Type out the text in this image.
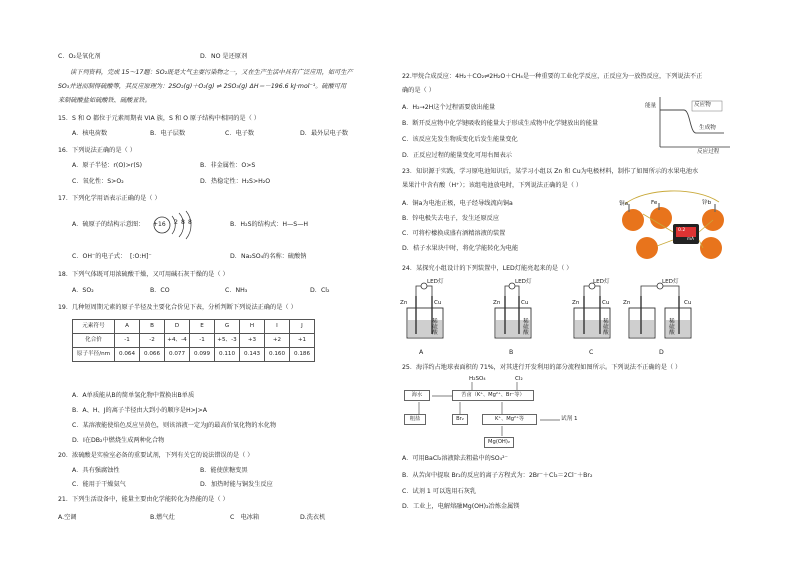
C．O₂是氧化剂	D．NO 是还原剂
读下列资料，完成 15～17题：SO₂既是大气主要污染物之一，又在生产生活中具有广泛应用，如可生产
SO₃并进而制得硫酸等，其反应原理为：2SO₂(g)＋O₂(g) ⇌ 2SO₃(g) ΔH＝－196.6 kJ·mol⁻¹。硫酸可用
来制硫酸盐如硫酸铁、硫酸亚铁。
15．S 和 O 都位于元素周期表 VIA 族，S 和 O 原子结构中相同的是（ ）
A．核电荷数	B．电子层数	C．电子数	D．最外层电子数
16．下列说法正确的是（ ）
A．原子半径：r(O)>r(S)	B．非金属性：O>S
C．氧化性：S>O₂	D．热稳定性：H₂S>H₂O
17．下列化学用语表示正确的是（ ）
A．硫原子的结构示意图： +16 2 8 8	B．H₂S的结构式：H—S—H
C．OH⁻的电子式： [:O:H]⁻	D．Na₂SO₄的名称：硫酸钠
18．下列气体既可用浓硫酸干燥，又可用碱石灰干燥的是（ ）
A．SO₂	B．CO	C．NH₃	D．Cl₂
19．几种短周期元素的原子半径及主要化合价见下表，分析判断下列说法正确的是（ ）
元素符号	A	B	D	E	G	H	I	J
化合价	-1	-2	+4、-4	-1	+5、-3	+3	+2	+1
原子半径/nm	0.064	0.066	0.077	0.099	0.110	0.143	0.160	0.186
A．A单质能从B的简单氢化物中置换出B单质
B．A、H、J的离子半径由大到小的顺序是H>J>A
C．某溶液能使焰色反应呈黄色，则该溶液一定为J的最高价氧化物的水化物
D．I在DB₂中燃烧生成两种化合物
20．浓硫酸是实验室必备的重要试剂，下列有关它的说法错误的是（ ）
A．具有强腐蚀性	B．能使蔗糖变黑
C．能用于干燥氨气	D．加热时能与铜发生反应
21．下列生活设备中，能量主要由化学能转化为热能的是（ ）
A.空调	B.燃气灶	C　电冰箱	D.洗衣机
22.甲烷合成反应：4H₂＋CO₂⇌2H₂O＋CH₄是一种重要的工业化学反应，正反应为一放热反应，下列说法不正
确的是（ ）
A．H₂→2H这个过程需要放出能量
B．断开反应物中化学键吸收的能量大于形成生成物中化学键放出的能量
C．该反应先发生物质变化后发生能量变化
D．正反应过程的能量变化可用右图表示
能量	反应物
生成物
反应过程
23．知识源于实践，学习原电池知识后，某学习小组以 Zn 和 Cu为电极材料，制作了如图所示的水果电池水
果果汁中含有酸（H⁺）；该组电池放电时，下列说法正确的是（ ）
A．铜a为电池正极，电子经导线流向铜a
B．锌电极失去电子，发生还原反应
C．可将柠檬换成盛有酒精溶液的装置
D．桔子水果块中时，将化学能转化为电能
铜a	Fe	锌b
0.2
mA
24．某探究小组设计的下列装置中，LED灯能亮起来的是（ ）
LED灯
Zn	Cu
稀硫酸
A
LED灯
Zn	Cu
稀硫酸
B
LED灯
Zn	Cu
稀硫酸
C
LED灯
Zn	Cu
稀硫酸
D
25．海洋约占地球表面积的 71%，对其进行开发利用的部分流程如图所示。下列说法不正确的是（ ）
H₂SO₄	Cl₂
海水	苦卤（K⁺、Mg²⁺、Br⁻等）
粗盐	Br₂	K⁺、Mg²⁺等	试剂 1
Mg(OH)₂
A．可用BaCl₂溶液除去粗盐中的SO₄²⁻
B．从苦卤中提取 Br₂的反应的离子方程式为：2Br⁻＋Cl₂＝2Cl⁻＋Br₂
C．试剂 1 可以选用石灰乳
D．工业上，电解熔融Mg(OH)₂冶炼金属镁
